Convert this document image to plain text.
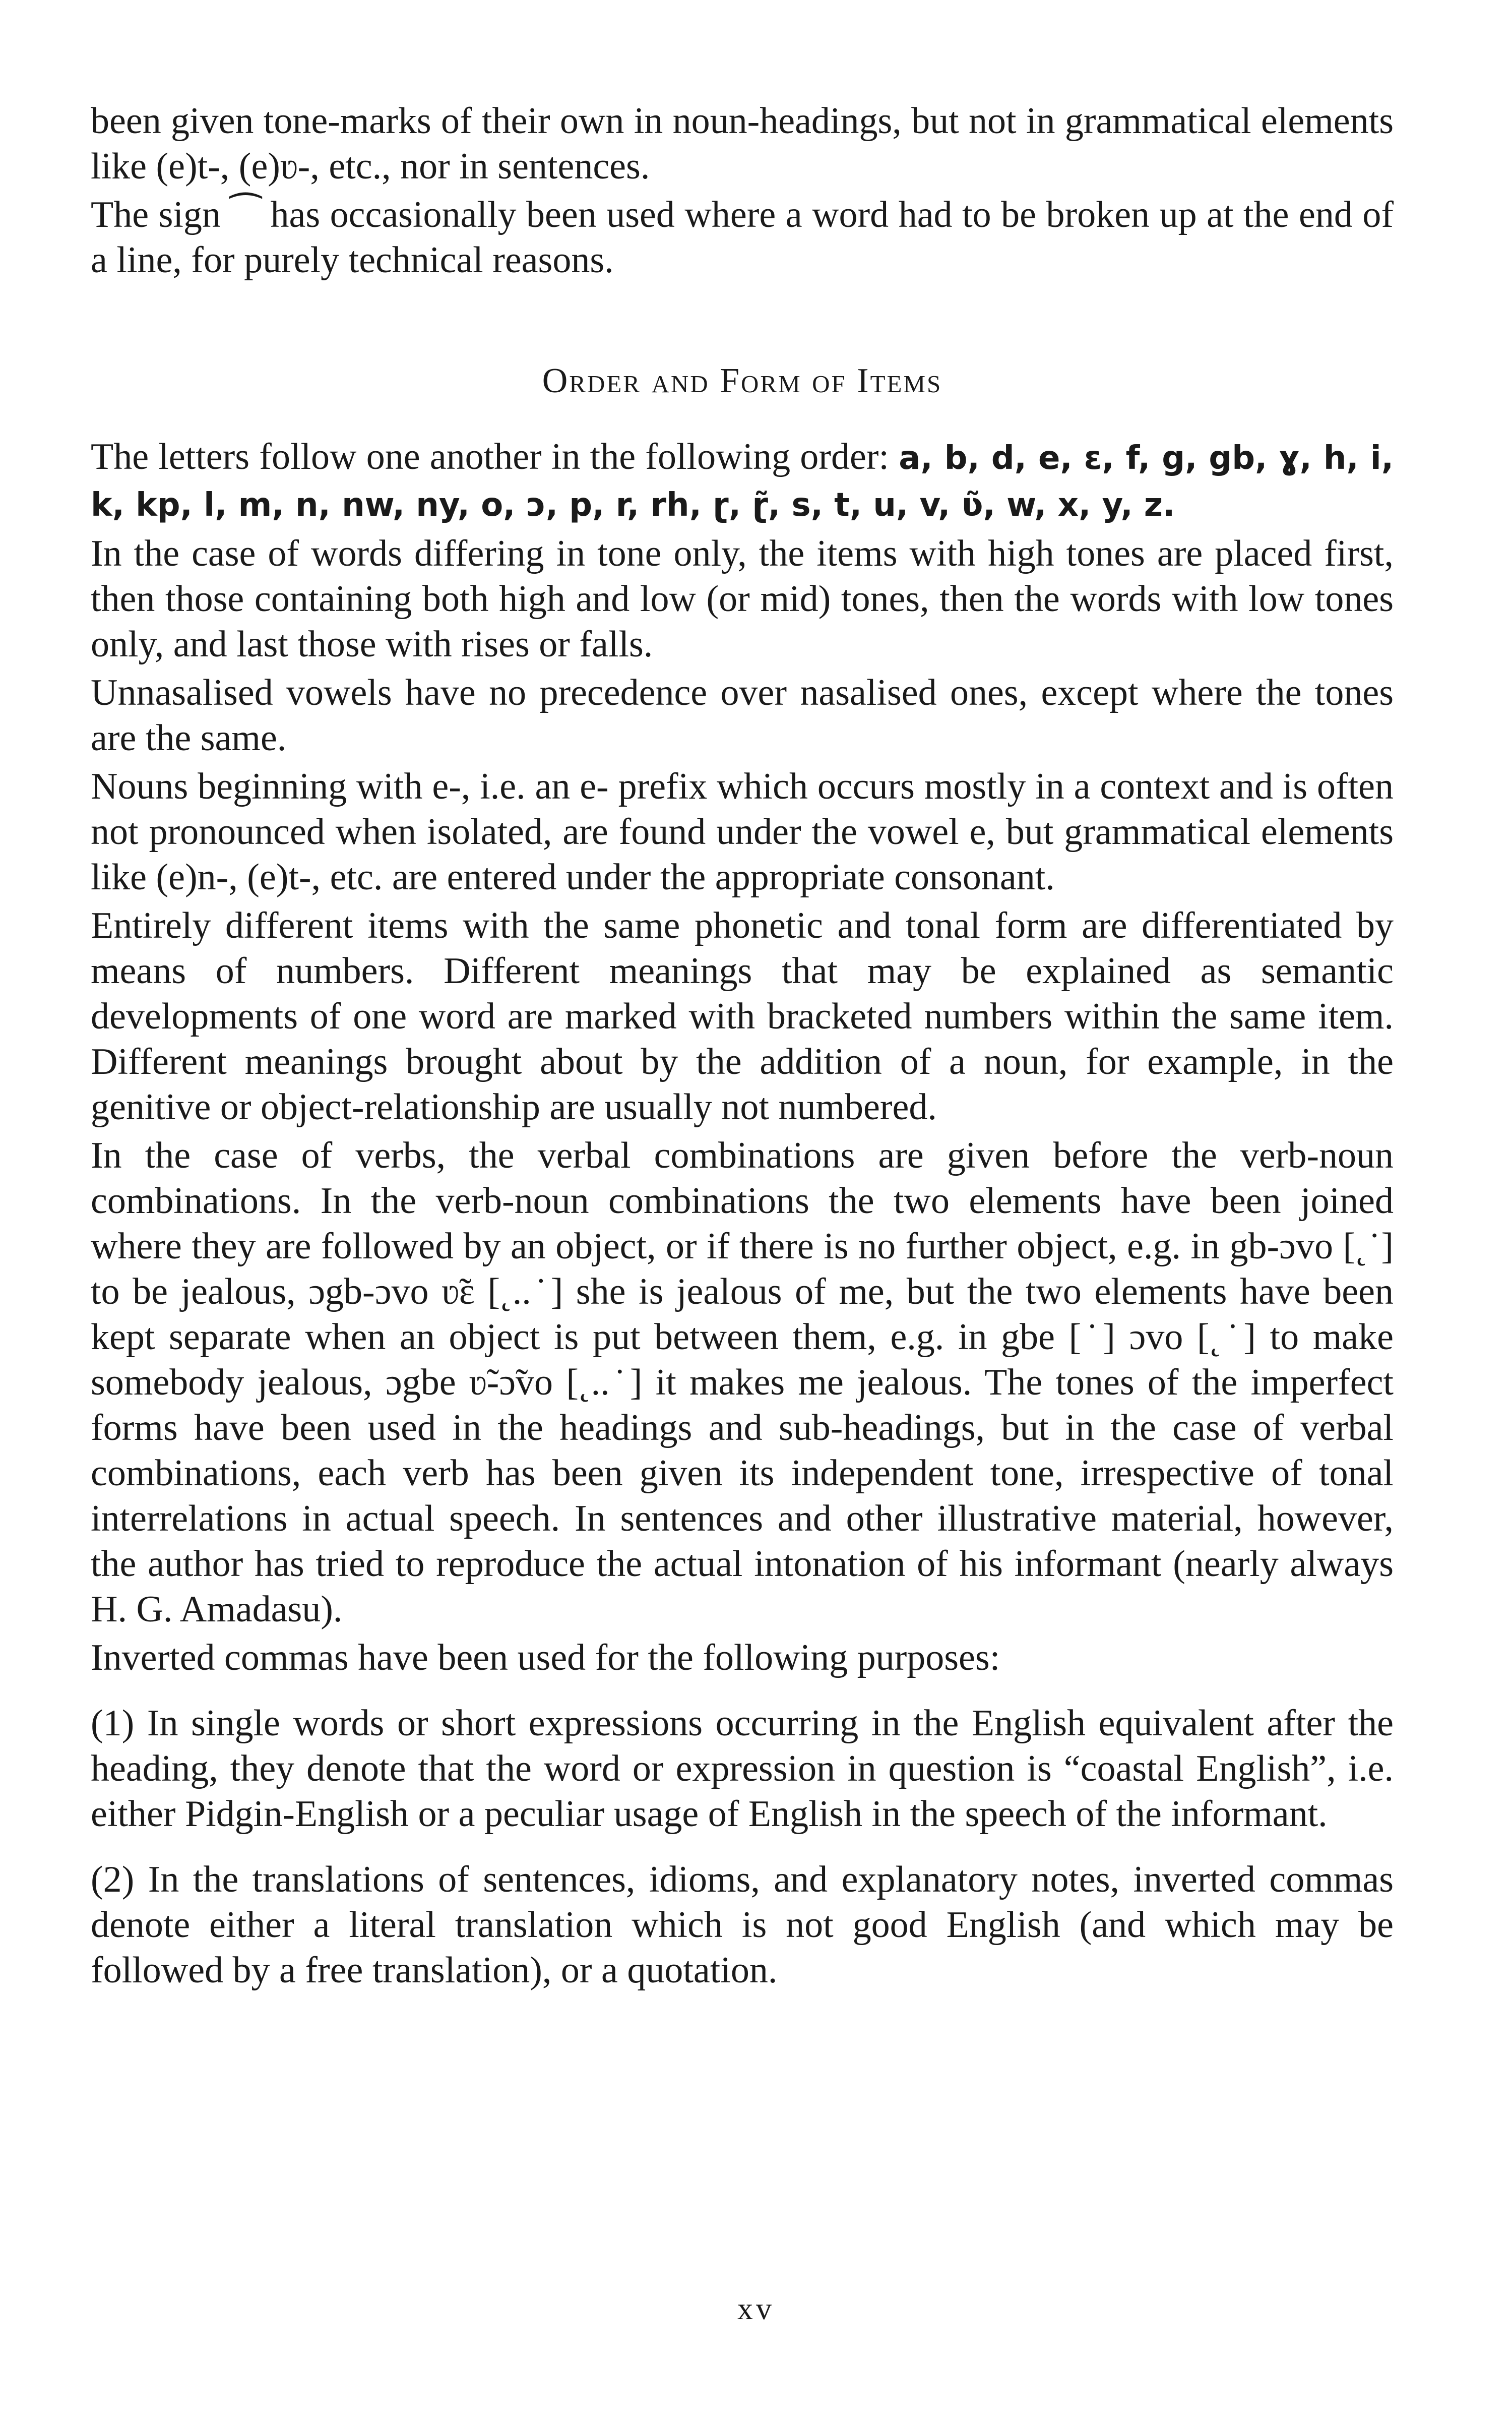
been given tone-marks of their own in noun-headings, but not in grammatical elements like (e)t-, (e)ʋ-, etc., nor in sentences.

The sign ⁀ has occasionally been used where a word had to be broken up at the end of a line, for purely technical reasons.

Order and Form of Items

The letters follow one another in the following order: a, b, d, e, ɛ, f, g, gb, ɣ, h, i, k, kp, l, m, n, nw, ny, o, ɔ, p, r, rh, ɽ, ɽ̃, s, t, u, v, ʋ̃, w, x, y, z.

In the case of words differing in tone only, the items with high tones are placed first, then those containing both high and low (or mid) tones, then the words with low tones only, and last those with rises or falls.

Unnasalised vowels have no precedence over nasalised ones, except where the tones are the same.

Nouns beginning with e-, i.e. an e- prefix which occurs mostly in a context and is often not pronounced when isolated, are found under the vowel e, but grammatical elements like (e)n-, (e)t-, etc. are entered under the appropriate consonant.

Entirely different items with the same phonetic and tonal form are differentiated by means of numbers. Different meanings that may be explained as semantic developments of one word are marked with bracketed numbers within the same item. Different meanings brought about by the addition of a noun, for example, in the genitive or object-relationship are usually not numbered.

In the case of verbs, the verbal combinations are given before the verb-noun combinations. In the verb-noun combinations the two elements have been joined where they are followed by an object, or if there is no further object, e.g. in gb-ɔvo [˛˙] to be jealous, ɔgb-ɔvo ʋ̃ɛ [˛..˙] she is jealous of me, but the two elements have been kept separate when an object is put between them, e.g. in gbe [˙] ɔvo [˛˙] to make somebody jealous, ɔgbe ʋ̃-ɔ̃vo [˛..˙] it makes me jealous. The tones of the imperfect forms have been used in the headings and sub-headings, but in the case of verbal combinations, each verb has been given its independent tone, irrespective of tonal interrelations in actual speech. In sentences and other illustrative material, however, the author has tried to reproduce the actual intonation of his informant (nearly always H. G. Amadasu).

Inverted commas have been used for the following purposes:

(1) In single words or short expressions occurring in the English equivalent after the heading, they denote that the word or expression in question is “coastal English”, i.e. either Pidgin-English or a peculiar usage of English in the speech of the informant.

(2) In the translations of sentences, idioms, and explanatory notes, inverted commas denote either a literal translation which is not good English (and which may be followed by a free translation), or a quotation.

xv
